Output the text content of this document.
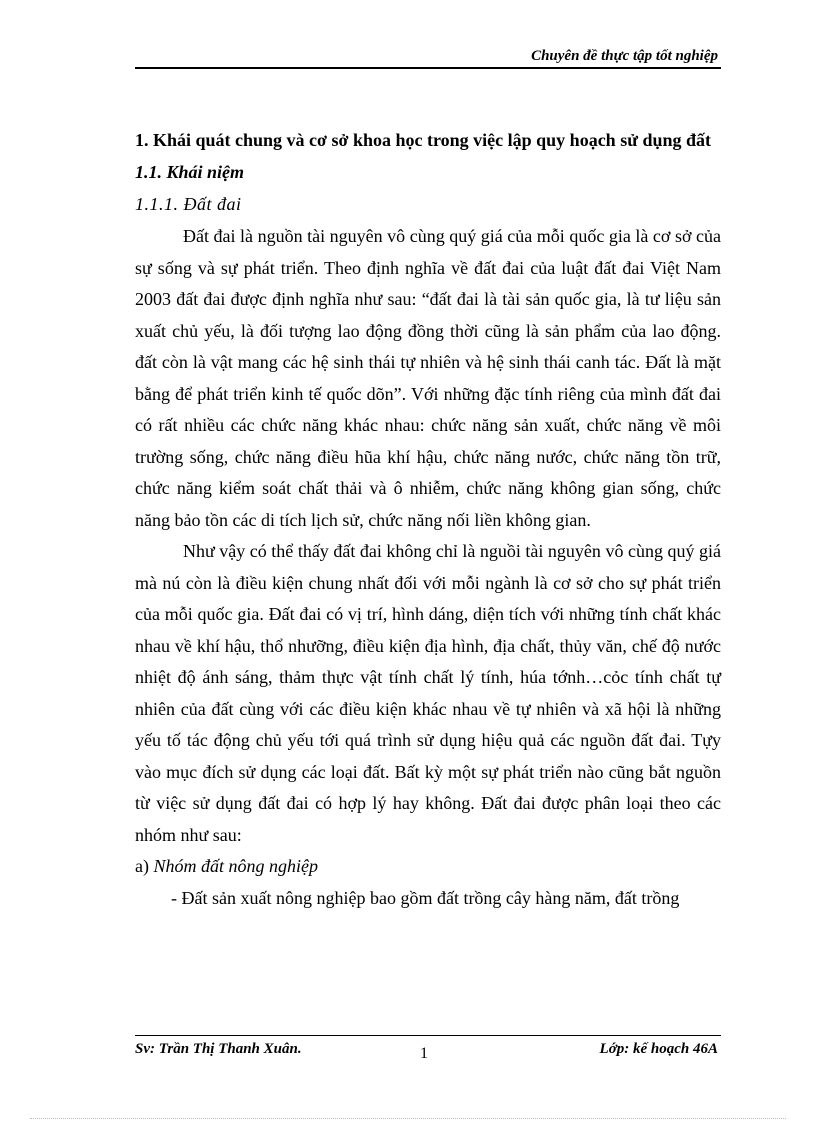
Chuyên đề thực tập tốt nghiệp

1. Khái quát chung và cơ sở khoa học trong việc lập quy hoạch sử dụng đất

1.1. Khái niệm

1.1.1. Đất đai

Đất đai là nguồn tài nguyên vô cùng quý giá của mỗi quốc gia là cơ sở của sự sống và sự phát triển. Theo định nghĩa về đất đai của luật đất đai Việt Nam 2003 đất đai được định nghĩa như sau: “đất đai là tài sản quốc gia, là tư liệu sản xuất chủ yếu, là đối tượng lao động đồng thời cũng là sản phẩm của lao động. đất còn là vật mang các hệ sinh thái tự nhiên và hệ sinh thái canh tác. Đất là mặt bằng để phát triển kinh tế quốc dõn”. Với những đặc tính riêng của mình đất đai có rất nhiều các chức năng khác nhau: chức năng sản xuất, chức năng về môi trường sống, chức năng điều hũa khí hậu, chức năng nước, chức năng tồn trữ, chức năng kiểm soát chất thải và ô nhiễm, chức năng không gian sống, chức năng bảo tồn các di tích lịch sử, chức năng nối liền không gian.

Như vậy có thể thấy đất đai không chỉ là nguồi tài nguyên vô cùng quý giá mà nú còn là điều kiện chung nhất đối với mỗi ngành là cơ sở cho sự phát triển của mỗi quốc gia. Đất đai có vị trí, hình dáng, diện tích với những tính chất khác nhau về khí hậu, thổ nhưỡng, điều kiện địa hình, địa chất, thủy văn, chế độ nước nhiệt độ ánh sáng, thảm thực vật tính chất lý tính, húa tớnh…cỏc tính chất tự nhiên của đất cùng với các điều kiện khác nhau về tự nhiên và xã hội là những yếu tố tác động chủ yếu tới quá trình sử dụng hiệu quả các nguồn đất đai. Tựy vào mục đích sử dụng các loại đất. Bất kỳ một sự phát triển nào cũng bắt nguồn từ việc sử dụng đất đai có hợp lý hay không. Đất đai được phân loại theo các nhóm như sau:

a) Nhóm đất nông nghiệp

- Đất sản xuất nông nghiệp bao gồm đất trồng cây hàng năm, đất trồng

Sv: Trần Thị Thanh Xuân.	1	Lớp: kế hoạch 46A
